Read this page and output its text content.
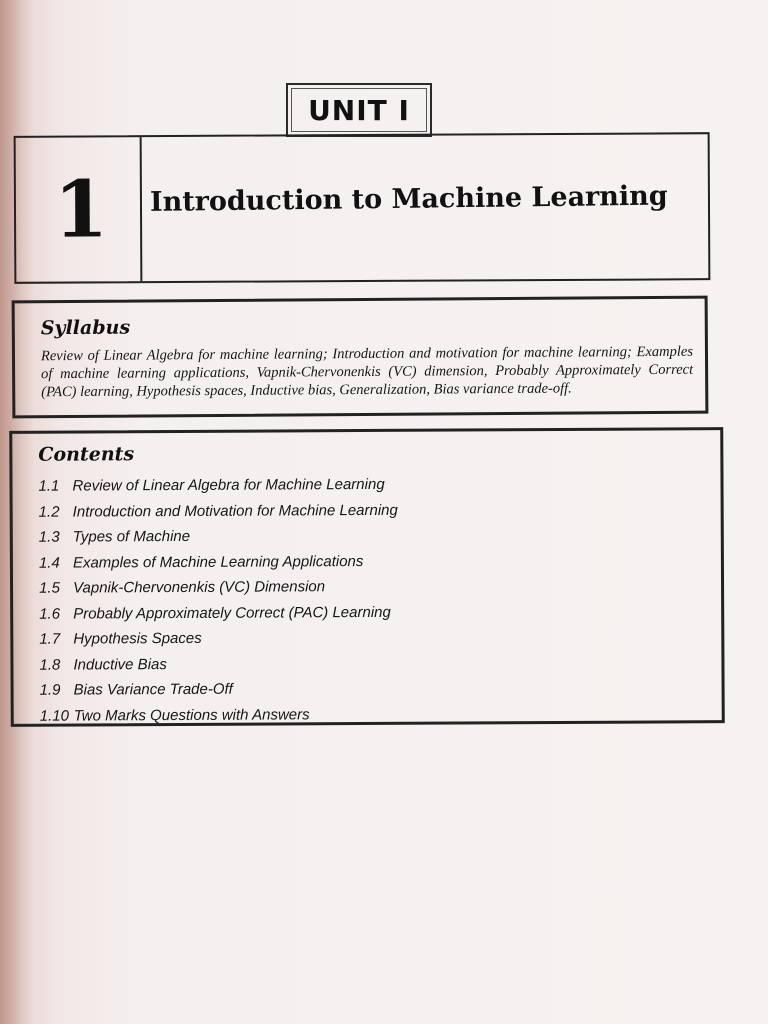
UNIT I
1	Introduction to Machine Learning
Syllabus

Review of Linear Algebra for machine learning; Introduction and motivation for machine learning; Examples of machine learning applications, Vapnik-Chervonenkis (VC) dimension, Probably Approximately Correct (PAC) learning, Hypothesis spaces, Inductive bias, Generalization, Bias variance trade-off.

Contents
1.1 Review of Linear Algebra for Machine Learning
1.2 Introduction and Motivation for Machine Learning
1.3 Types of Machine
1.4 Examples of Machine Learning Applications
1.5 Vapnik-Chervonenkis (VC) Dimension
1.6 Probably Approximately Correct (PAC) Learning
1.7 Hypothesis Spaces
1.8 Inductive Bias
1.9 Bias Variance Trade-Off
1.10 Two Marks Questions with Answers
